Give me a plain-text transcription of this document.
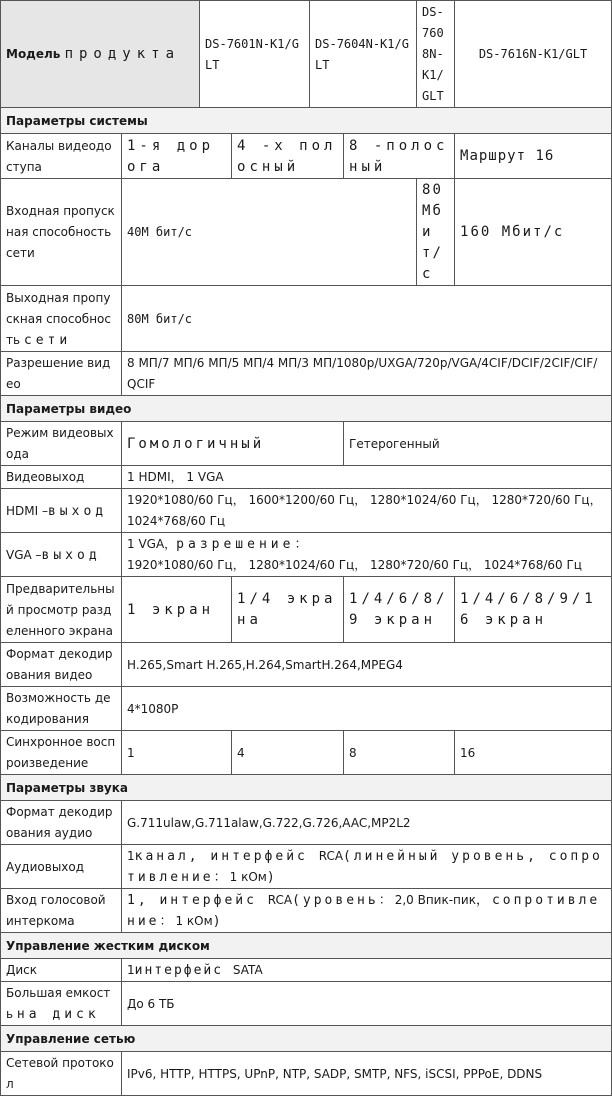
Модель продукта		DS-7601N-K1/GLT		DS-7604N-K1/GLT		DS-7608N-K1/GLT	DS-7616N-K1/GLT
Параметры системы							
Каналы видеодоступа	1-я дорога		4 -х полосный		8 -полосный		Маршрут 16
Входная пропускная способность сети	40M бит/с					80 Мбит/с	160 Мбит/с
Выходная пропускная способность сети	80M бит/с						
Разрешение видео	8 МП/7 МП/6 МП/5 МП/4 МП/3 МП/1080p/UXGA/720p/VGA/4CIF/DCIF/2CIF/CIF/QCIF						
Параметры видео							
Режим видеовых ода	Гомологичный				Гетерогенный		
Видеовыход	1 HDMI， 1 VGA						
HDMI –выход	1920*1080/60 Гц， 1600*1200/60 Гц， 1280*1024/60 Гц， 1280*720/60 Гц， 1024*768/60 Гц						
VGA –выход	1 VGA，разрешение：
1920*1080/60 Гц， 1280*1024/60 Гц， 1280*720/60 Гц， 1024*768/60 Гц						
Предварительный просмотр разделенного экрана	1 экран		1/4 экрана		1/4/6/8/9 экран		1/4/6/8/9/16 экран
Формат декодирования видео	H.265,Smart H.265,H.264,SmartH.264,MPEG4						
Возможность декодирования	4*1080P						
Синхронное воспроизведение	1		4		8		16
Параметры звука							
Формат декодирования аудио	G.711ulaw,G.711alaw,G.722,G.726,AAC,MP2L2						
Аудиовыход	1канал, интерфейс RCA(линейный уровень, сопротивление：1 кОм)						
Вход голосовой интеркома	1, интерфейс RCA(уровень：2,0 Впик-пик，сопротивление：1 кОм)						
Управление жестким диском							
Диск	1интерфейс SATA						
Большая емкость на диск	До 6 ТБ						
Управление сетью							
Сетевой протокол	IPv6, HTTP, HTTPS, UPnP, NTP, SADP, SMTP, NFS, iSCSI, PPPoE, DDNS						
